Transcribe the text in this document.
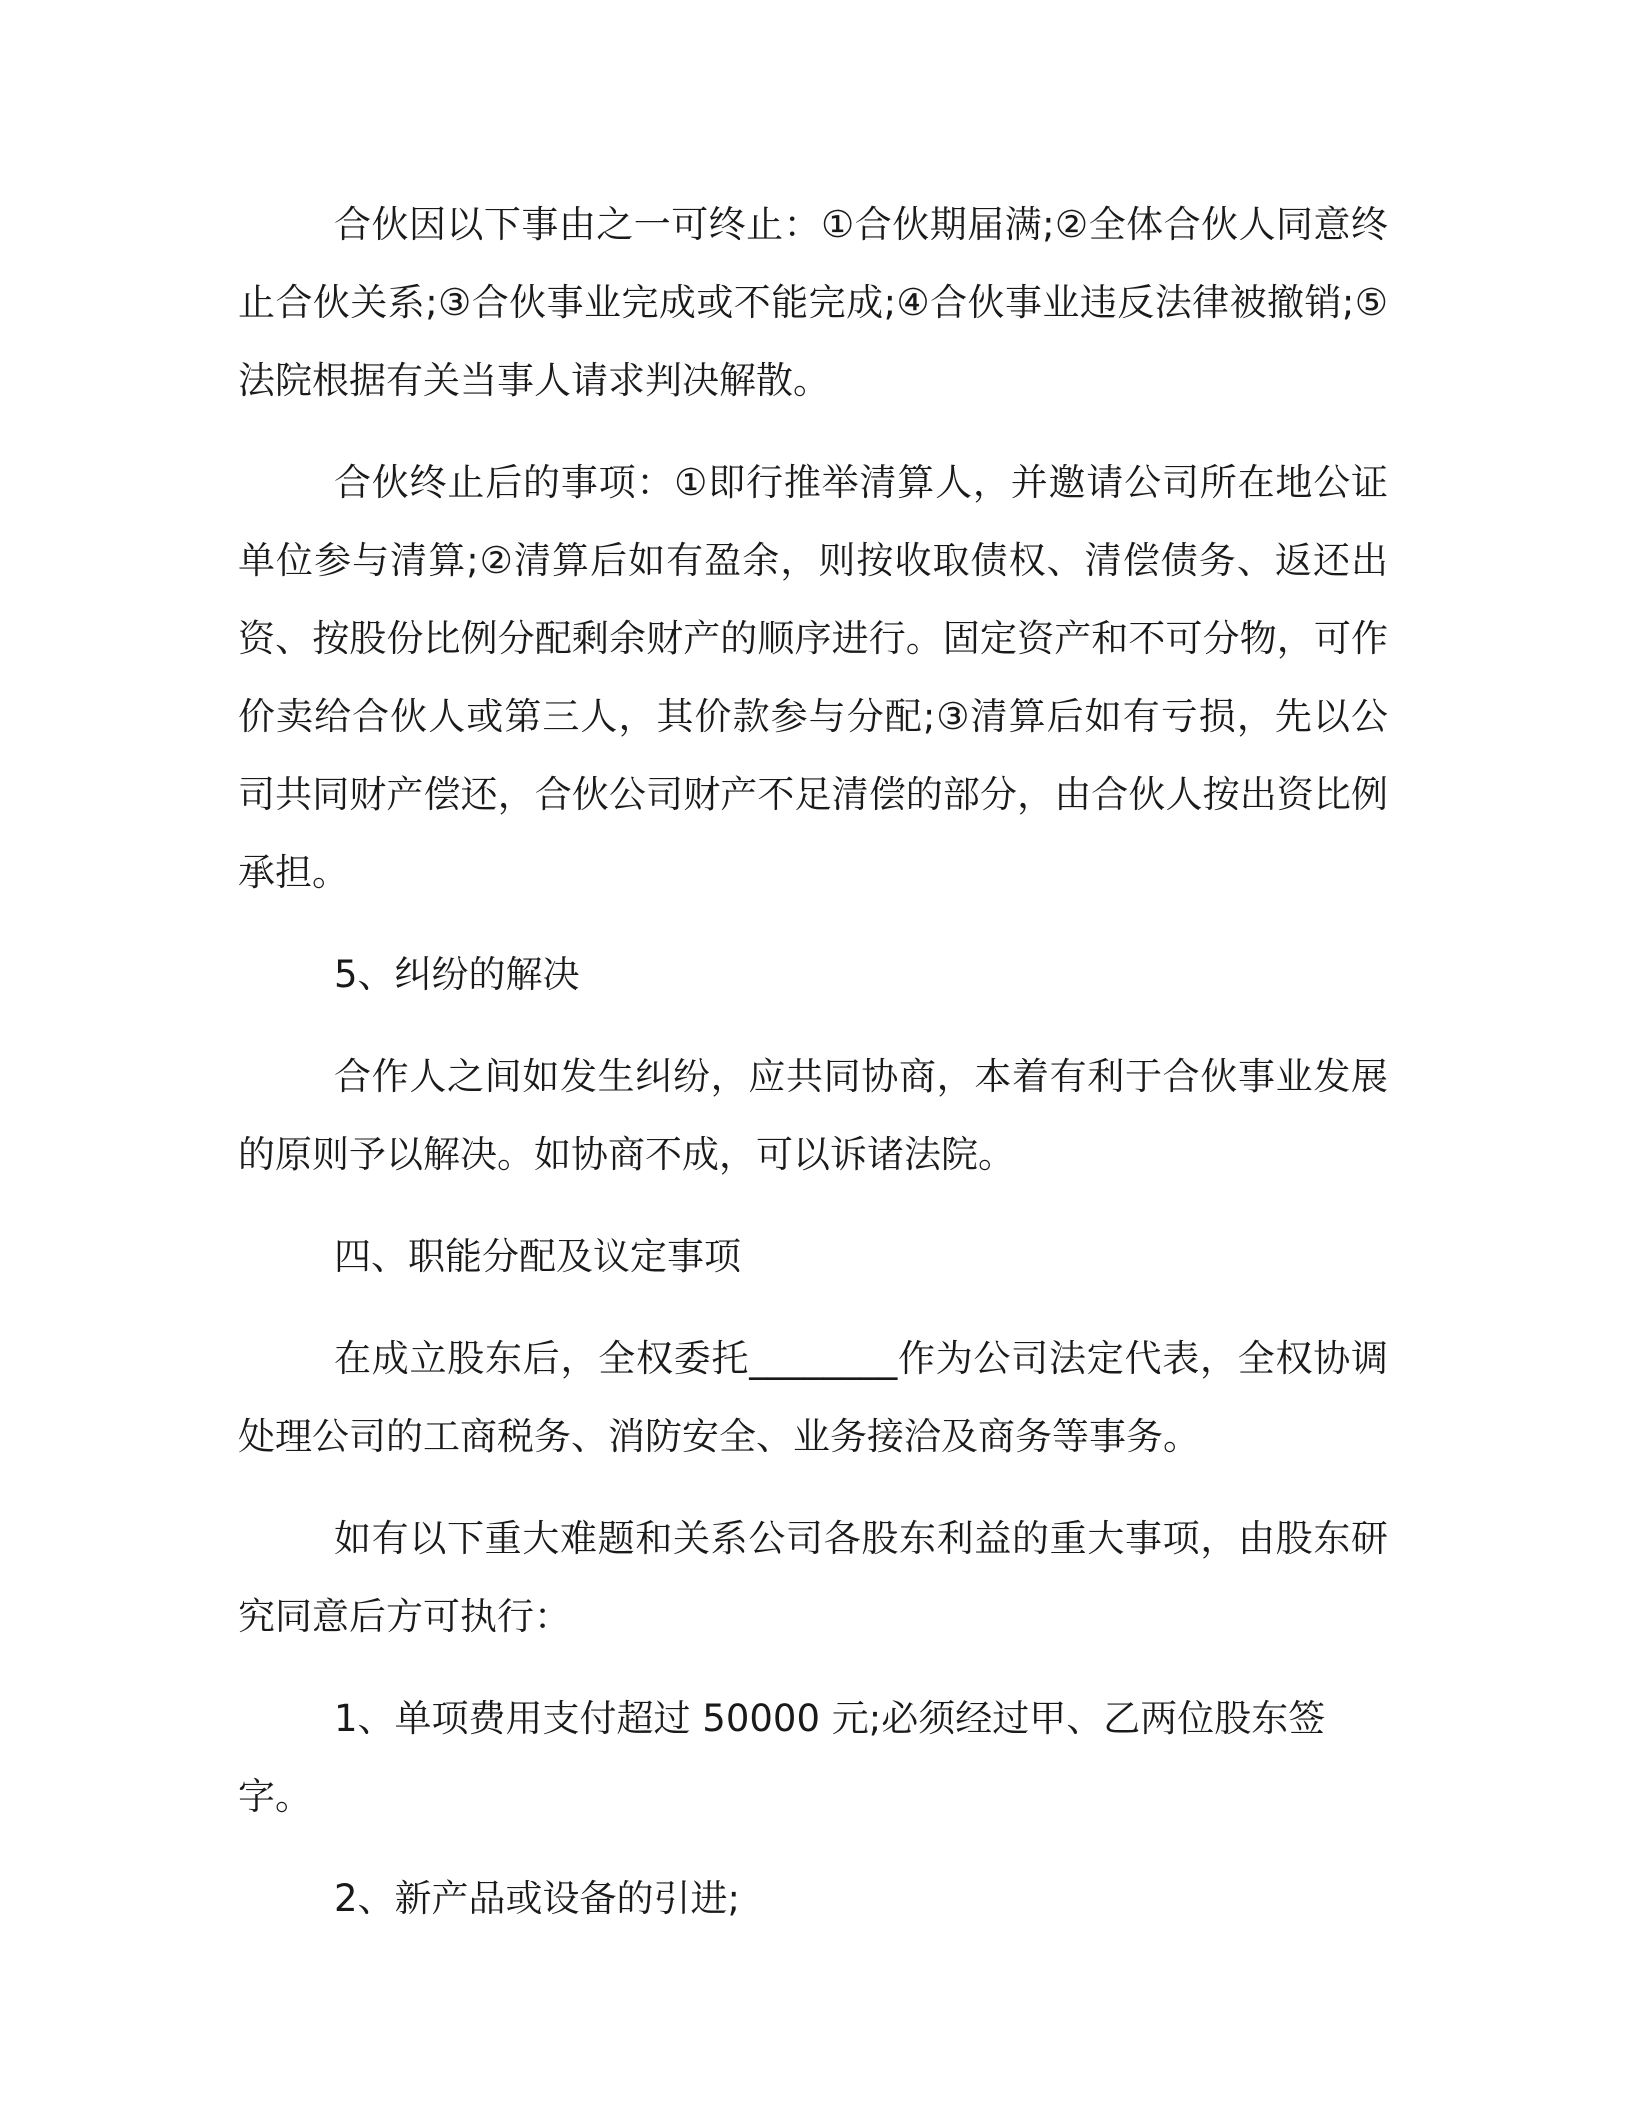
合伙因以下事由之一可终止：①合伙期届满;②全体合伙人同意终止合伙关系;③合伙事业完成或不能完成;④合伙事业违反法律被撤销;⑤法院根据有关当事人请求判决解散。

合伙终止后的事项：①即行推举清算人，并邀请公司所在地公证单位参与清算;②清算后如有盈余，则按收取债权、清偿债务、返还出资、按股份比例分配剩余财产的顺序进行。固定资产和不可分物，可作价卖给合伙人或第三人，其价款参与分配;③清算后如有亏损，先以公司共同财产偿还，合伙公司财产不足清偿的部分，由合伙人按出资比例承担。

5、纠纷的解决

合作人之间如发生纠纷，应共同协商，本着有利于合伙事业发展的原则予以解决。如协商不成，可以诉诸法院。

四、职能分配及议定事项

在成立股东后，全权委托________作为公司法定代表，全权协调处理公司的工商税务、消防安全、业务接洽及商务等事务。

如有以下重大难题和关系公司各股东利益的重大事项，由股东研究同意后方可执行：

1、单项费用支付超过 50000 元;必须经过甲、乙两位股东签字。

2、新产品或设备的引进;
